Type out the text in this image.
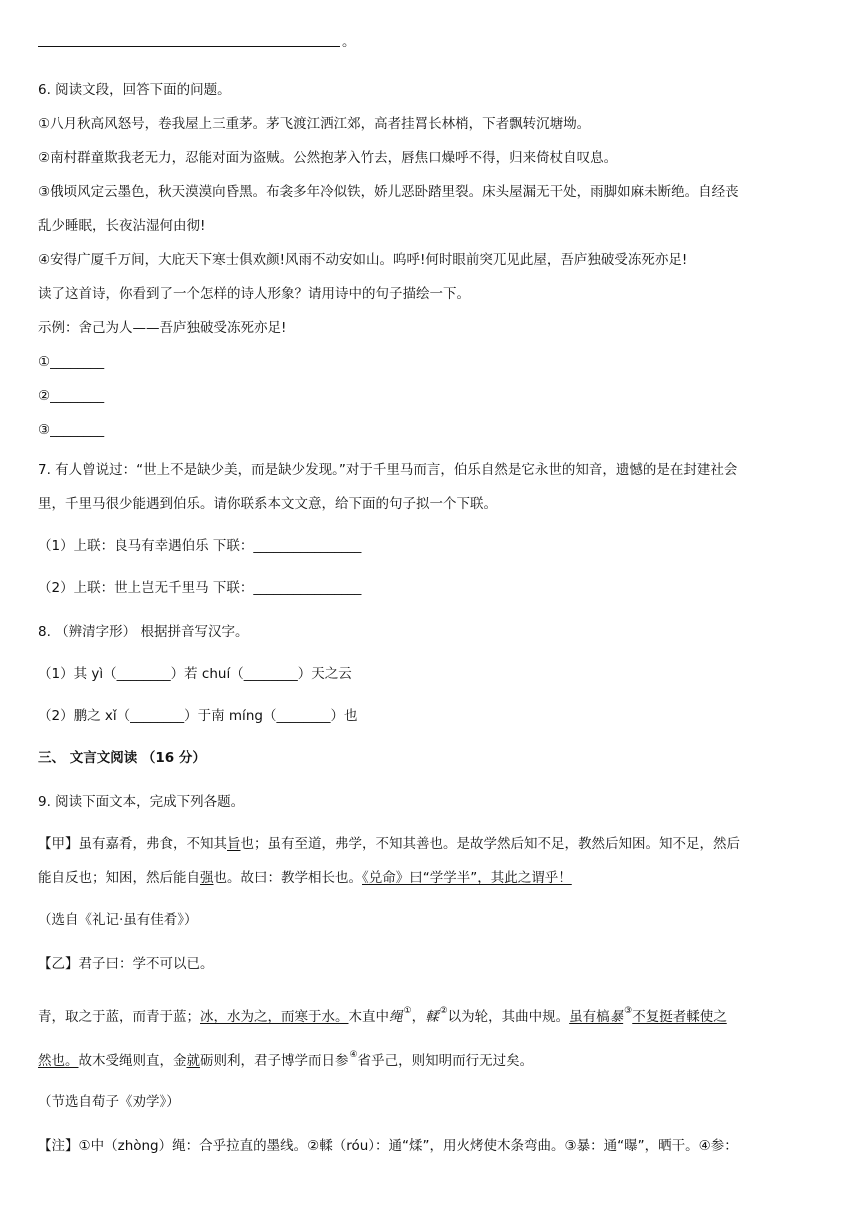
。
6. 阅读文段，回答下面的问题。
①八月秋高风怒号，卷我屋上三重茅。茅飞渡江洒江郊，高者挂罥长林梢，下者飘转沉塘坳。
②南村群童欺我老无力，忍能对面为盗贼。公然抱茅入竹去，唇焦口燥呼不得，归来倚杖自叹息。
③俄顷风定云墨色，秋天漠漠向昏黑。布衾多年冷似铁，娇儿恶卧踏里裂。床头屋漏无干处，雨脚如麻未断绝。自经丧
乱少睡眠，长夜沾湿何由彻!
④安得广厦千万间，大庇天下寒士俱欢颜!风雨不动安如山。呜呼!何时眼前突兀见此屋，吾庐独破受冻死亦足!
读了这首诗，你看到了一个怎样的诗人形象？请用诗中的句子描绘一下。
示例：舍己为人——吾庐独破受冻死亦足!
①________
②________
③________
7. 有人曾说过：“世上不是缺少美，而是缺少发现。”对于千里马而言，伯乐自然是它永世的知音，遗憾的是在封建社会
里，千里马很少能遇到伯乐。请你联系本文文意，给下面的句子拟一个下联。
（1）上联：良马有幸遇伯乐 下联：________________
（2）上联：世上岂无千里马 下联：________________
8. （辨清字形） 根据拼音写汉字。
（1）其 yì（________）若 chuí（________）天之云
（2）鹏之 xǐ（________）于南 míng（________）也
三、 文言文阅读 （16 分）
9. 阅读下面文本，完成下列各题。
【甲】虽有嘉肴，弗食，不知其旨也；虽有至道，弗学，不知其善也。是故学然后知不足，教然后知困。知不足，然后
能自反也；知困，然后能自强也。故曰：教学相长也。《兑命》曰“学学半”，其此之谓乎！
（选自《礼记·虽有佳肴》）
【乙】君子曰：学不可以已。
青，取之于蓝，而青于蓝；冰，水为之，而寒于水。木直中绳①，輮②以为轮，其曲中规。虽有槁暴③不复挺者輮使之
然也。故木受绳则直，金就砺则利，君子博学而日参④省乎己，则知明而行无过矣。
（节选自荀子《劝学》）
【注】①中（zhòng）绳：合乎拉直的墨线。②輮（róu）：通“煣”，用火烤使木条弯曲。③暴：通“曝”，晒干。④参：
